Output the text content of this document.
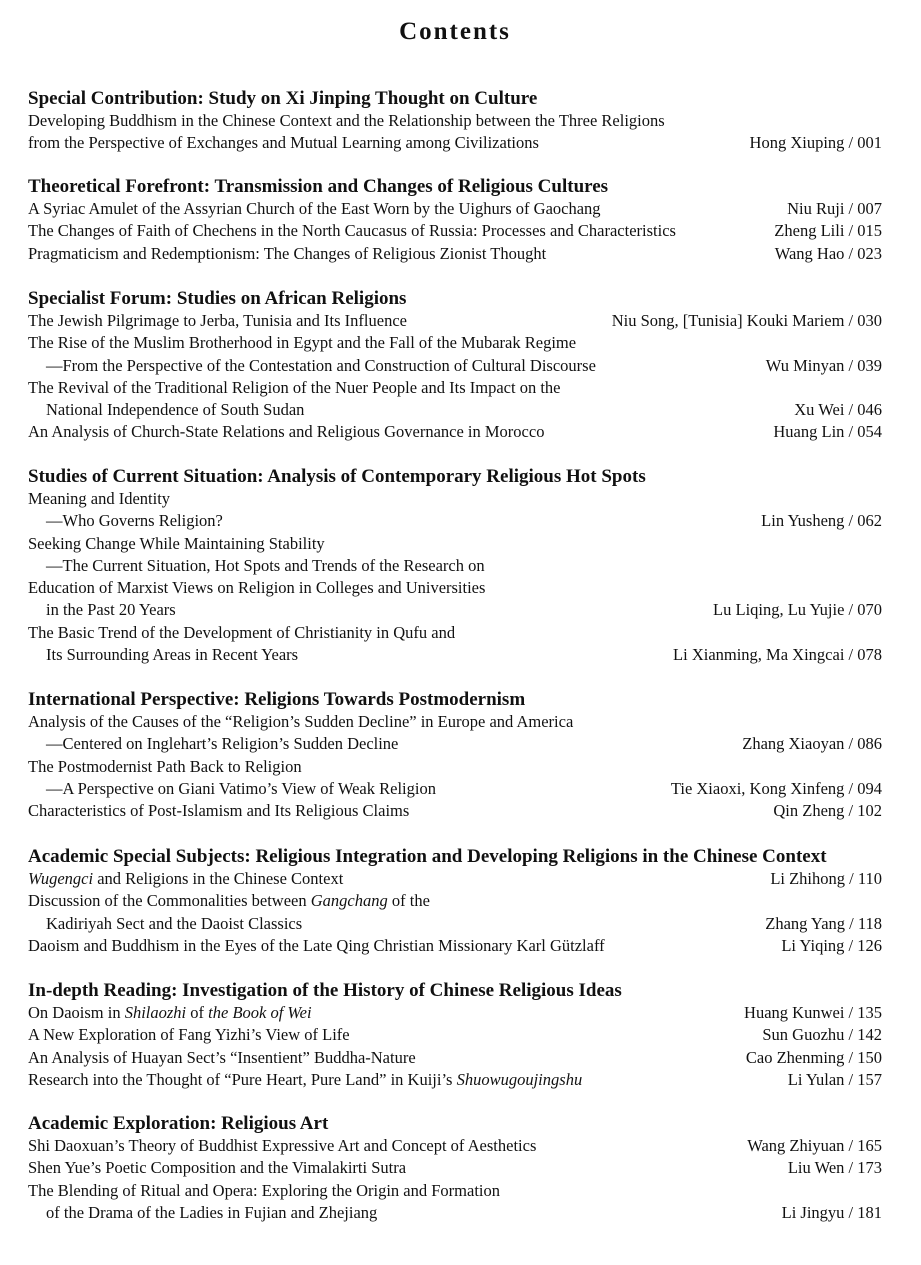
Contents
Special Contribution: Study on Xi Jinping Thought on Culture
Developing Buddhism in the Chinese Context and the Relationship between the Three Religions
from the Perspective of Exchanges and Mutual Learning among Civilizations	Hong Xiuping / 001
Theoretical Forefront: Transmission and Changes of Religious Cultures
A Syriac Amulet of the Assyrian Church of the East Worn by the Uighurs of Gaochang	Niu Ruji / 007
The Changes of Faith of Chechens in the North Caucasus of Russia: Processes and Characteristics	Zheng Lili / 015
Pragmaticism and Redemptionism: The Changes of Religious Zionist Thought	Wang Hao / 023
Specialist Forum: Studies on African Religions
The Jewish Pilgrimage to Jerba, Tunisia and Its Influence	Niu Song, [Tunisia] Kouki Mariem / 030
The Rise of the Muslim Brotherhood in Egypt and the Fall of the Mubarak Regime
—From the Perspective of the Contestation and Construction of Cultural Discourse	Wu Minyan / 039
The Revival of the Traditional Religion of the Nuer People and Its Impact on the
National Independence of South Sudan	Xu Wei / 046
An Analysis of Church-State Relations and Religious Governance in Morocco	Huang Lin / 054
Studies of Current Situation: Analysis of Contemporary Religious Hot Spots
Meaning and Identity
—Who Governs Religion?	Lin Yusheng / 062
Seeking Change While Maintaining Stability
—The Current Situation, Hot Spots and Trends of the Research on
Education of Marxist Views on Religion in Colleges and Universities
in the Past 20 Years	Lu Liqing, Lu Yujie / 070
The Basic Trend of the Development of Christianity in Qufu and
Its Surrounding Areas in Recent Years	Li Xianming, Ma Xingcai / 078
International Perspective: Religions Towards Postmodernism
Analysis of the Causes of the “Religion’s Sudden Decline” in Europe and America
—Centered on Inglehart’s Religion’s Sudden Decline	Zhang Xiaoyan / 086
The Postmodernist Path Back to Religion
—A Perspective on Giani Vatimo’s View of Weak Religion	Tie Xiaoxi, Kong Xinfeng / 094
Characteristics of Post-Islamism and Its Religious Claims	Qin Zheng / 102
Academic Special Subjects: Religious Integration and Developing Religions in the Chinese Context
Wugengci and Religions in the Chinese Context	Li Zhihong / 110
Discussion of the Commonalities between Gangchang of the
Kadiriyah Sect and the Daoist Classics	Zhang Yang / 118
Daoism and Buddhism in the Eyes of the Late Qing Christian Missionary Karl Gützlaff	Li Yiqing / 126
In-depth Reading: Investigation of the History of Chinese Religious Ideas
On Daoism in Shilaozhi of the Book of Wei	Huang Kunwei / 135
A New Exploration of Fang Yizhi’s View of Life	Sun Guozhu / 142
An Analysis of Huayan Sect’s “Insentient” Buddha-Nature	Cao Zhenming / 150
Research into the Thought of “Pure Heart, Pure Land” in Kuiji’s Shuowugoujingshu	Li Yulan / 157
Academic Exploration: Religious Art
Shi Daoxuan’s Theory of Buddhist Expressive Art and Concept of Aesthetics	Wang Zhiyuan / 165
Shen Yue’s Poetic Composition and the Vimalakirti Sutra	Liu Wen / 173
The Blending of Ritual and Opera: Exploring the Origin and Formation
of the Drama of the Ladies in Fujian and Zhejiang	Li Jingyu / 181
